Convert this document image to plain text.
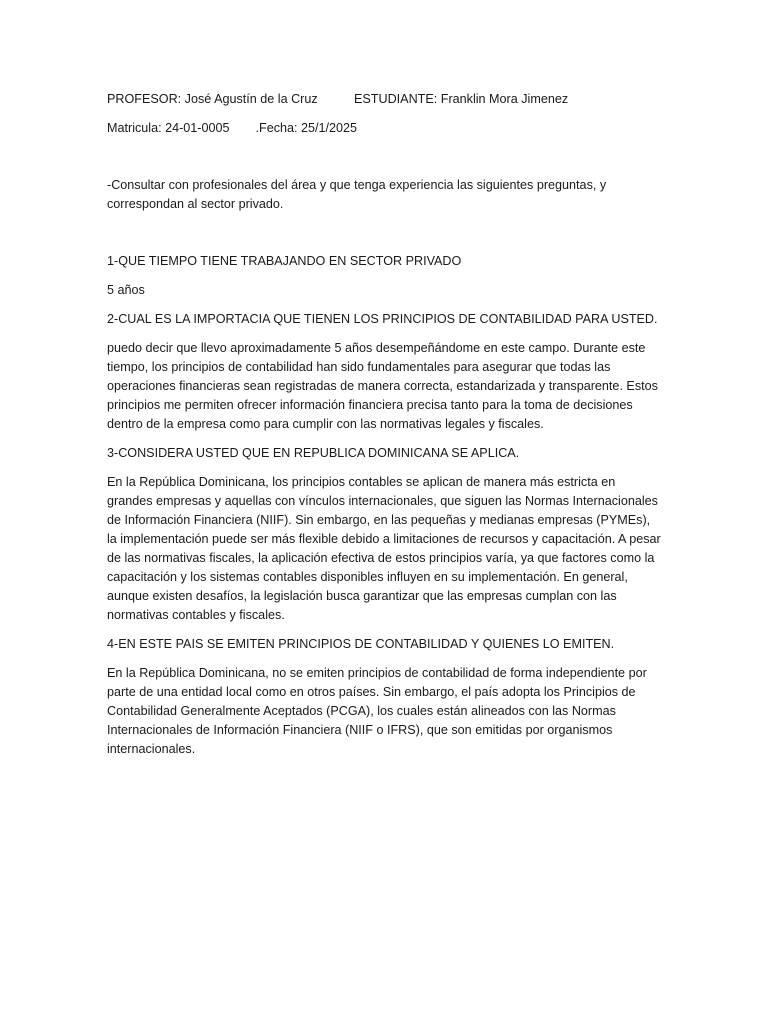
PROFESOR: José Agustín de la Cruz	ESTUDIANTE: Franklin Mora Jimenez
Matricula: 24-01-0005 .Fecha: 25/1/2025

-Consultar con profesionales del área y que tenga experiencia las siguientes preguntas, y correspondan al sector privado.

1-QUE TIEMPO TIENE TRABAJANDO EN SECTOR PRIVADO

5 años

2-CUAL ES LA IMPORTACIA QUE TIENEN LOS PRINCIPIOS DE CONTABILIDAD PARA USTED.

puedo decir que llevo aproximadamente 5 años desempeñándome en este campo. Durante este tiempo, los principios de contabilidad han sido fundamentales para asegurar que todas las operaciones financieras sean registradas de manera correcta, estandarizada y transparente. Estos principios me permiten ofrecer información financiera precisa tanto para la toma de decisiones dentro de la empresa como para cumplir con las normativas legales y fiscales.

3-CONSIDERA USTED QUE EN REPUBLICA DOMINICANA SE APLICA.

En la República Dominicana, los principios contables se aplican de manera más estricta en grandes empresas y aquellas con vínculos internacionales, que siguen las Normas Internacionales de Información Financiera (NIIF). Sin embargo, en las pequeñas y medianas empresas (PYMEs), la implementación puede ser más flexible debido a limitaciones de recursos y capacitación. A pesar de las normativas fiscales, la aplicación efectiva de estos principios varía, ya que factores como la capacitación y los sistemas contables disponibles influyen en su implementación. En general, aunque existen desafíos, la legislación busca garantizar que las empresas cumplan con las normativas contables y fiscales.

4-EN ESTE PAIS SE EMITEN PRINCIPIOS DE CONTABILIDAD Y QUIENES LO EMITEN.

En la República Dominicana, no se emiten principios de contabilidad de forma independiente por parte de una entidad local como en otros países. Sin embargo, el país adopta los Principios de Contabilidad Generalmente Aceptados (PCGA), los cuales están alineados con las Normas Internacionales de Información Financiera (NIIF o IFRS), que son emitidas por organismos internacionales.
